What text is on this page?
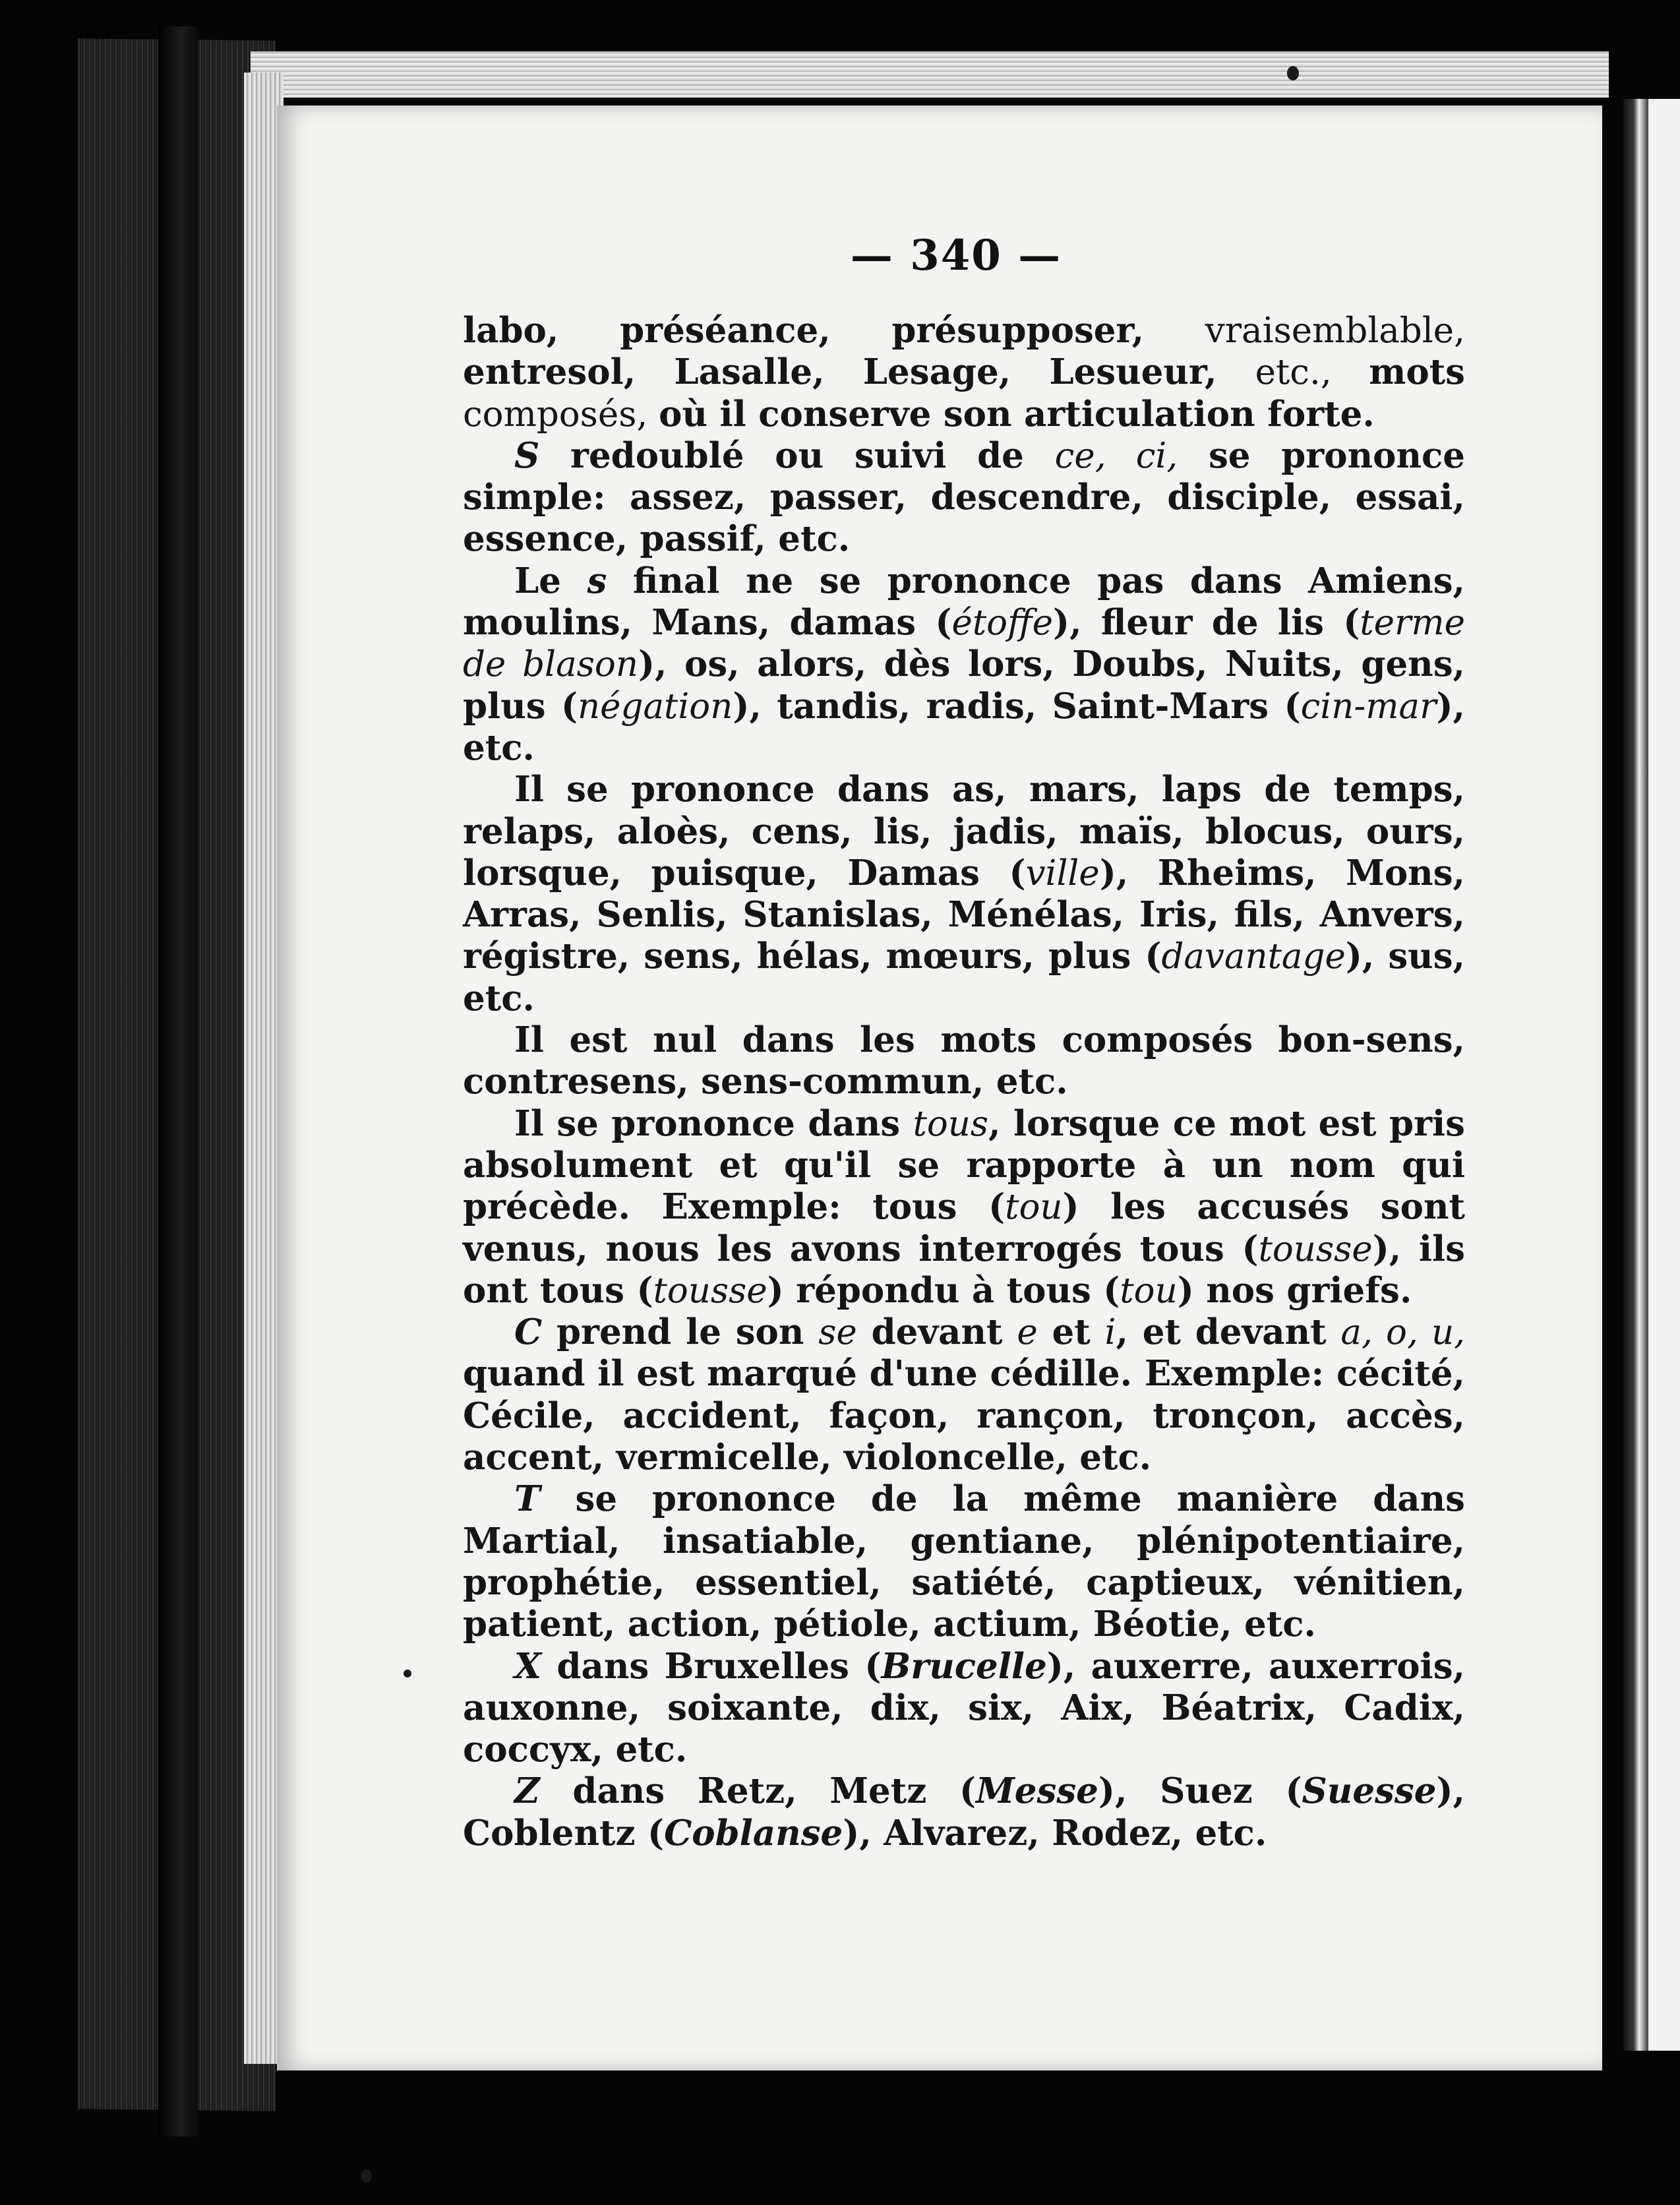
— 340 —

labo, préséance, présupposer, vraisemblable, entresol, Lasalle, Lesage, Lesueur, etc., mots composés, où il conserve son articulation forte.

S redoublé ou suivi de ce, ci, se prononce simple: assez, passer, descendre, disciple, essai, essence, passif, etc.

Le s final ne se prononce pas dans Amiens, moulins, Mans, damas (étoffe), fleur de lis (terme de blason), os, alors, dès lors, Doubs, Nuits, gens, plus (négation), tandis, radis, Saint-Mars (cin-mar), etc.

Il se prononce dans as, mars, laps de temps, relaps, aloès, cens, lis, jadis, maïs, blocus, ours, lorsque, puisque, Damas (ville), Rheims, Mons, Arras, Senlis, Stanislas, Ménélas, Iris, fils, Anvers, régistre, sens, hélas, mœurs, plus (davantage), sus, etc.

Il est nul dans les mots composés bon-sens, contresens, sens-commun, etc.

Il se prononce dans tous, lorsque ce mot est pris absolument et qu'il se rapporte à un nom qui précède. Exemple: tous (tou) les accusés sont venus, nous les avons interrogés tous (tousse), ils ont tous (tousse) répondu à tous (tou) nos griefs.

C prend le son se devant e et i, et devant a, o, u, quand il est marqué d'une cédille. Exemple: cécité, Cécile, accident, façon, rançon, tronçon, accès, accent, vermicelle, violoncelle, etc.

T se prononce de la même manière dans Martial, insatiable, gentiane, plénipotentiaire, prophétie, essentiel, satiété, captieux, vénitien, patient, action, pétiole, actium, Béotie, etc.

X dans Bruxelles (Brucelle), auxerre, auxerrois, auxonne, soixante, dix, six, Aix, Béatrix, Cadix, coccyx, etc.

Z dans Retz, Metz (Messe), Suez (Suesse), Coblentz (Coblanse), Alvarez, Rodez, etc.
